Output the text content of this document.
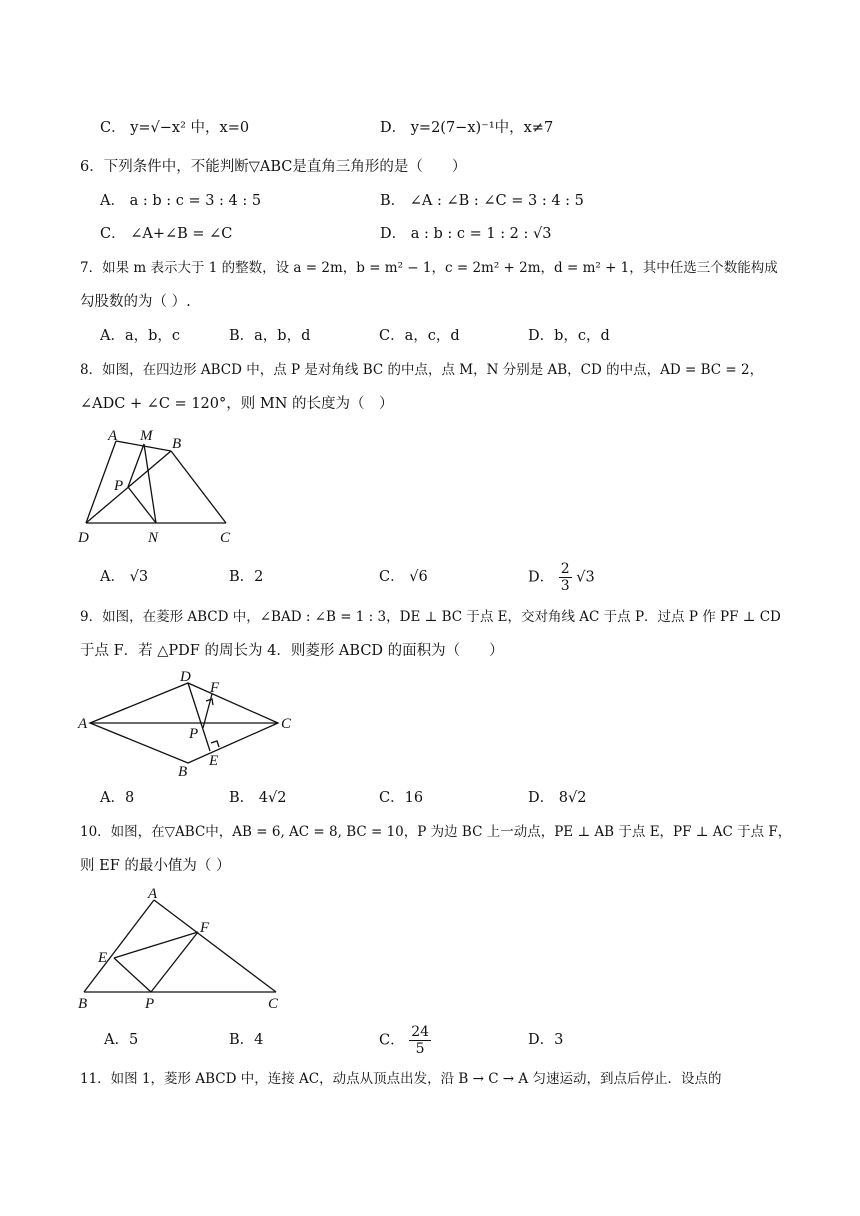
C． y=√−x² 中，x=0	D． y=2(7−x)⁻¹中，x≠7
6．下列条件中，不能判断▽ABC是直角三角形的是（　　）
A． a : b : c = 3 : 4 : 5	B． ∠A : ∠B : ∠C = 3 : 4 : 5
C． ∠A+∠B = ∠C	D． a : b : c = 1 : 2 : √3
7．如果 m 表示大于 1 的整数，设 a = 2m，b = m² − 1，c = 2m² + 2m，d = m² + 1，其中任选三个数能构成
勾股数的为（ ）.
A．a，b，c	B．a，b，d	C．a，c，d	D．b，c，d
8．如图，在四边形 ABCD 中，点 P 是对角线 BC 的中点，点 M，N 分别是 AB，CD 的中点，AD = BC = 2，
∠ADC + ∠C = 120°，则 MN 的长度为（　）
A M B
P
D	N	C
A． √3	B．2	C． √6	D． $\frac{2}{3} √3$
9．如图，在菱形 ABCD 中，∠BAD : ∠B = 1 : 3，DE ⊥ BC 于点 E，交对角线 AC 于点 P．过点 P 作 PF ⊥ CD
于点 F．若 △PDF 的周长为 4．则菱形 ABCD 的面积为（　　）
D
F
A	C
P
B
E
A．8	B． 4√2	C．16	D． 8√2
10．如图，在▽ABC中，AB = 6, AC = 8, BC = 10，P 为边 BC 上一动点，PE ⊥ AB 于点 E，PF ⊥ AC 于点 F，
则 EF 的最小值为（ ）
A
F
E
B	P	C
A．5	B．4	C． $\frac{24}{5}$	D．3
11．如图 1，菱形 ABCD 中，连接 AC，动点从顶点出发，沿 B → C → A 匀速运动，到点后停止．设点的
